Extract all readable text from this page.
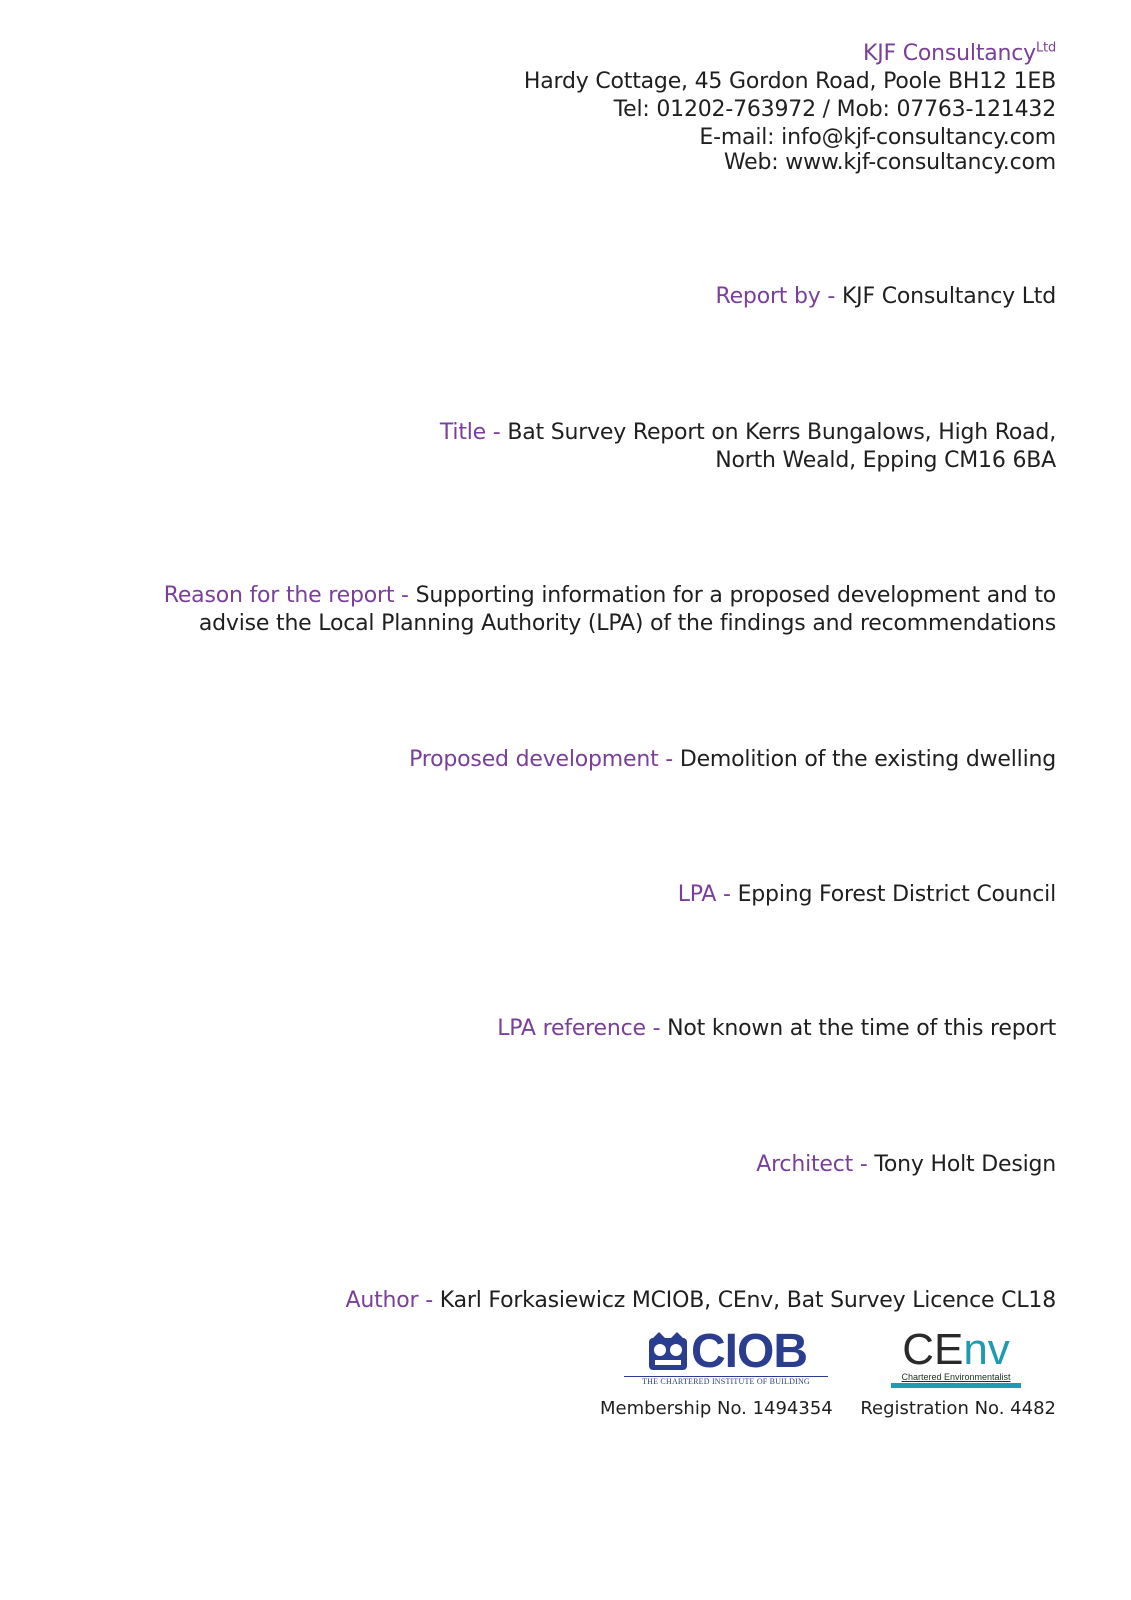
KJF Consultancy$^{Ltd}$
Hardy Cottage, 45 Gordon Road, Poole BH12 1EB
Tel: 01202-763972 / Mob: 07763-121432
E-mail: info@kjf-consultancy.com
Web: www.kjf-consultancy.com
Report by - KJF Consultancy Ltd
Title - Bat Survey Report on Kerrs Bungalows, High Road,
North Weald, Epping CM16 6BA
Reason for the report - Supporting information for a proposed development and to
advise the Local Planning Authority (LPA) of the findings and recommendations
Proposed development - Demolition of the existing dwelling
LPA - Epping Forest District Council
LPA reference - Not known at the time of this report
Architect - Tony Holt Design
Author - Karl Forkasiewicz MCIOB, CEnv, Bat Survey Licence CL18
CIOB
THE CHARTERED INSTITUTE OF BUILDING
Membership No. 1494354
CEnv
Chartered Environmentalist
Registration No. 4482
